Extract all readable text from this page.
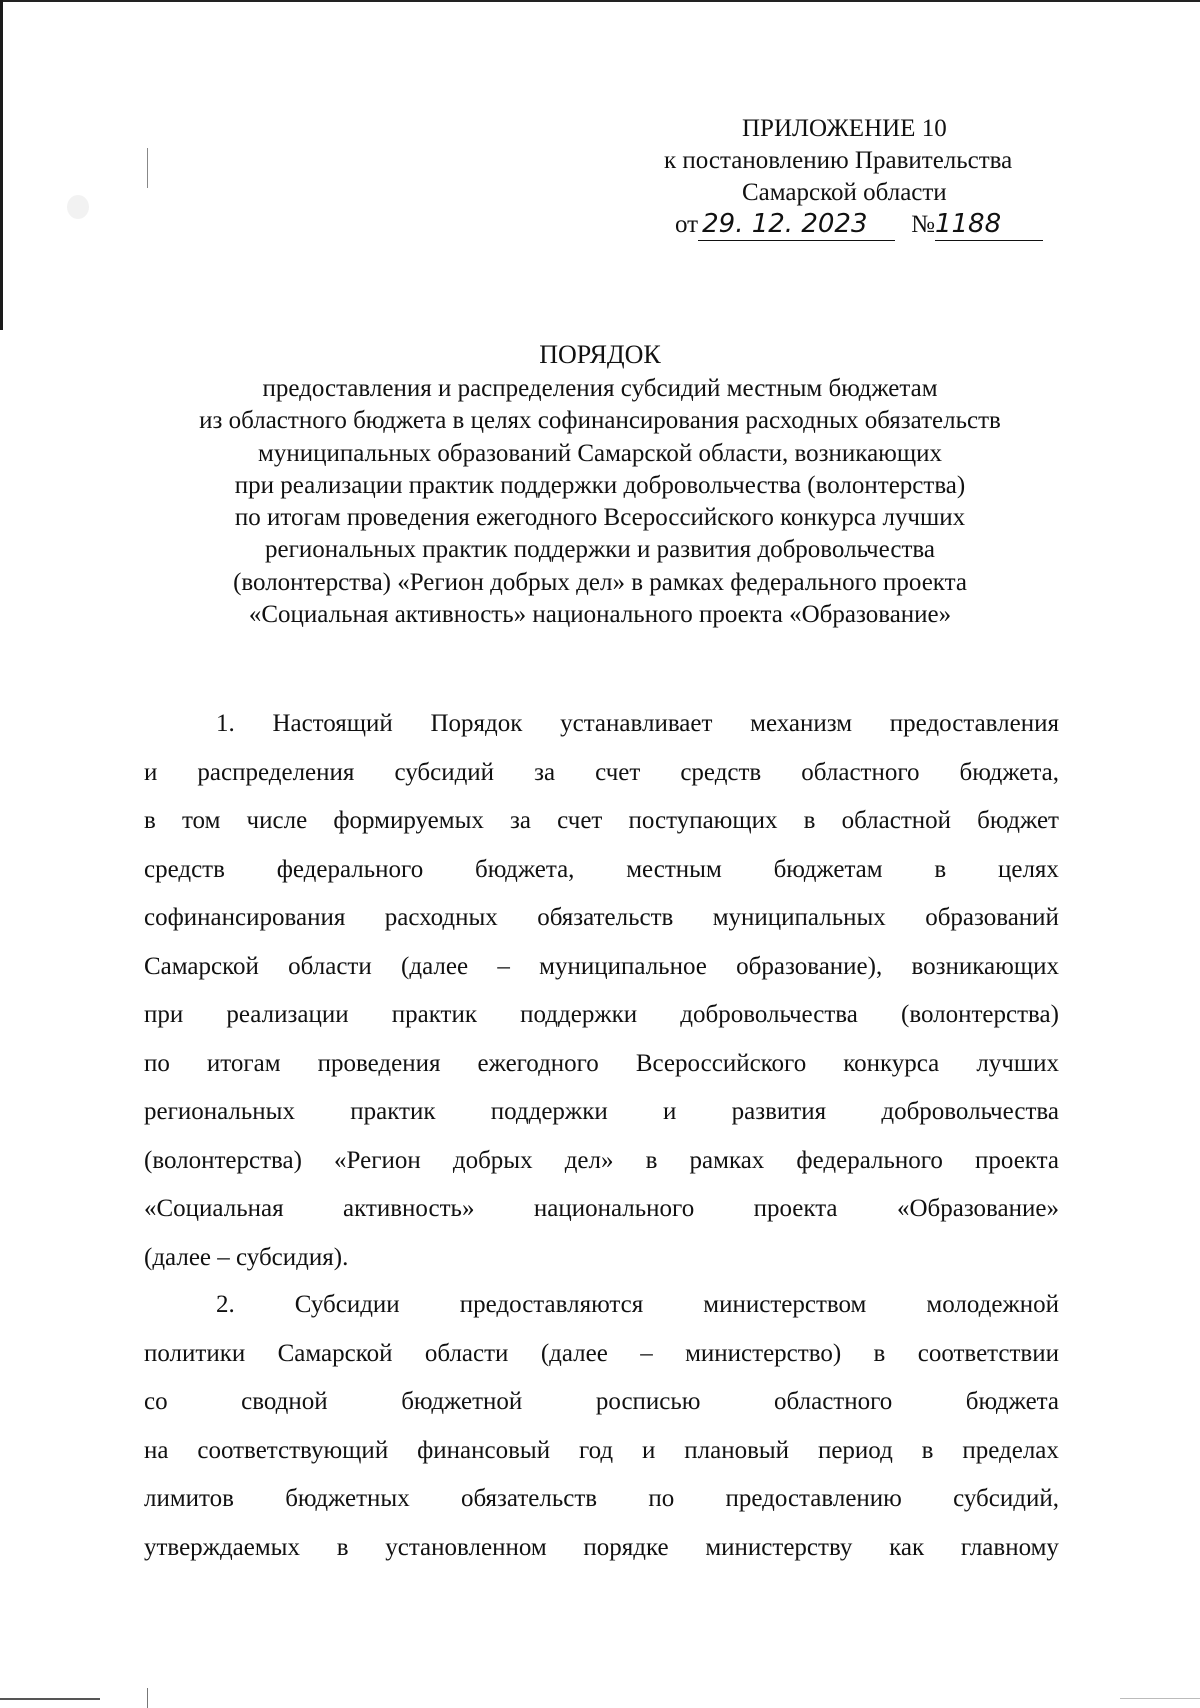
ПРИЛОЖЕНИЕ 10
к постановлению Правительства
Самарской области
от 29. 12. 2023 №1188
ПОРЯДОК
предоставления и распределения субсидий местным бюджетам
из областного бюджета в целях софинансирования расходных обязательств
муниципальных образований Самарской области, возникающих
при реализации практик поддержки добровольчества (волонтерства)
по итогам проведения ежегодного Всероссийского конкурса лучших
региональных практик поддержки и развития добровольчества
(волонтерства) «Регион добрых дел» в рамках федерального проекта
«Социальная активность» национального проекта «Образование»
1. Настоящий Порядок устанавливает механизм предоставления
и распределения субсидий за счет средств областного бюджета,
в том числе формируемых за счет поступающих в областной бюджет
средств федерального бюджета, местным бюджетам в целях
софинансирования расходных обязательств муниципальных образований
Самарской области (далее – муниципальное образование), возникающих
при реализации практик поддержки добровольчества (волонтерства)
по итогам проведения ежегодного Всероссийского конкурса лучших
региональных практик поддержки и развития добровольчества
(волонтерства) «Регион добрых дел» в рамках федерального проекта
«Социальная активность» национального проекта «Образование»
(далее – субсидия).
2. Субсидии предоставляются министерством молодежной
политики Самарской области (далее – министерство) в соответствии
со	сводной	бюджетной	росписью	областного	бюджета
на соответствующий финансовый год и плановый период в пределах
лимитов бюджетных обязательств по предоставлению субсидий,
утверждаемых в установленном порядке министерству как главному
